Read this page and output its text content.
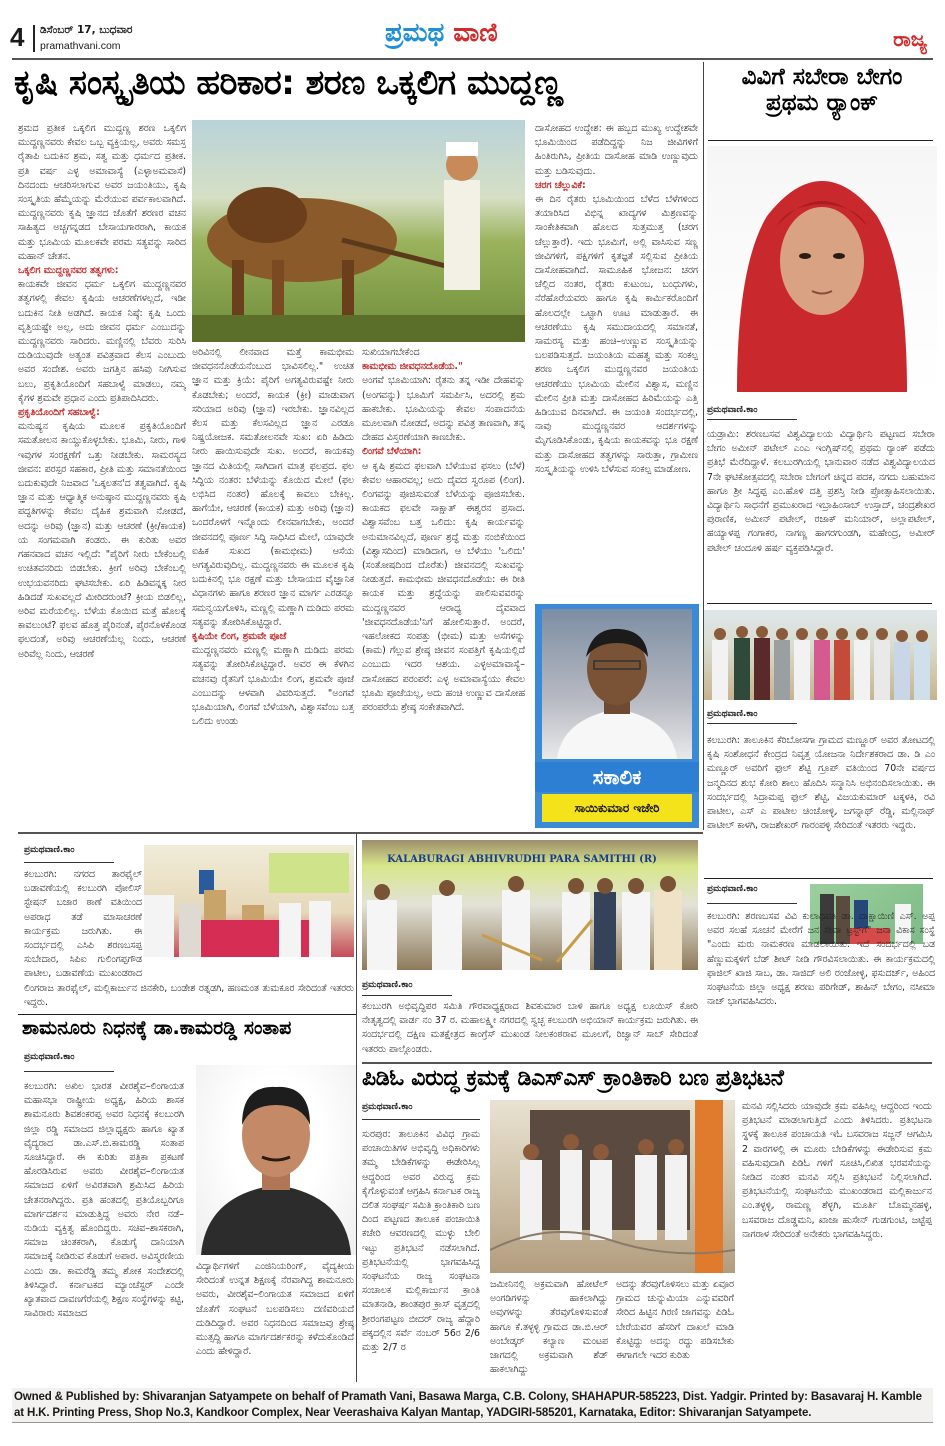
4 ಡಿಸೆಂಬರ್ 17, ಬುಧವಾರ
pramathvani.com	ಪ್ರಮಥ ವಾಣಿ	ರಾಜ್ಯ
ಕೃಷಿ ಸಂಸ್ಕೃತಿಯ ಹರಿಕಾರ: ಶರಣ ಒಕ್ಕಲಿಗ ಮುದ್ದಣ್ಣ

ಶ್ರಮದ ಪ್ರತೀಕ ಒಕ್ಕಲಿಗ ಮುದ್ದಣ್ಣ ಶರಣ ಒಕ್ಕಲಿಗ ಮುದ್ದಣ್ಣನವರು ಕೇವಲ ಒಬ್ಬ ವ್ಯಕ್ತಿಯಲ್ಲ, ಅವರು ಸಮಸ್ತ ರೈತಾಪಿ ಬದುಕಿನ ಶ್ರಮ, ಸತ್ವ ಮತ್ತು ಧರ್ಮದ ಪ್ರತೀಕ. ಪ್ರತಿ ವರ್ಷ ಎಳ್ಳ ಅಮಾವಾಸ್ಯೆ (ಎಳ್ಳಾಅಮವಾಸೆ) ದಿನದಂದು ಆಚರಿಸಲಾಗುವ ಅವರ ಜಯಂತಿಯು, ಕೃಷಿ ಸಂಸ್ಕೃತಿಯ ಹೆಮ್ಮೆಯನ್ನು ಮೆರೆಯುವ ಪರ್ವಕಾಲವಾಗಿದೆ. ಮುದ್ದಣ್ಣನವರು ಕೃಷಿ ಜ್ಞಾನದ ಜೊತೆಗೆ ಶರಣರ ವಚನ ಸಾಹಿತ್ಯದ ಅಚ್ಚಗನ್ನಡದ ಬೇಸಾಯಗಾರರಾಗಿ, ಕಾಯಕ ಮತ್ತು ಭೂಮಿಯ ಮೂಲಕವೇ ಪರಮ ಸತ್ಯವನ್ನು ಸಾರಿದ ಮಹಾನ್ ಚೇತನ.

ಒಕ್ಕಲಿಗ ಮುದ್ದಣ್ಣನವರ ತತ್ವಗಳು:

ಕಾಯಕವೇ ಜೀವನ ಧರ್ಮ ಒಕ್ಕಲಿಗ ಮುದ್ದಣ್ಣನವರ ತತ್ವಗಳಲ್ಲಿ ಕೇವಲ ಕೃಷಿಯ ಆಚರಣೆಗಳಲ್ಲದೆ, ಇಡೀ ಬದುಕಿನ ನೀತಿ ಅಡಗಿದೆ. ಕಾಯಕ ನಿಷ್ಠೆ: ಕೃಷಿ ಒಂದು ವೃತ್ತಿಯಷ್ಟೇ ಅಲ್ಲ, ಅದು ಜೀವನ ಧರ್ಮ ಎಂಬುದನ್ನು ಮುದ್ದಣ್ಣನವರು ಸಾರಿದರು. ಮಣ್ಣಿನಲ್ಲಿ ಬೆವರು ಸುರಿಸಿ ದುಡಿಯುವುದೇ ಅತ್ಯಂತ ಪವಿತ್ರವಾದ ಕೆಲಸ ಎಂಬುದು ಅವರ ಸಂದೇಶ. ಅವರು ಜಗತ್ತಿನ ಹಸಿವು ನೀಗಿಸುವ ಬಲು, ಪ್ರಕೃತಿಯೊಂದಿಗೆ ಸಹಬಾಳ್ವೆ ಮಾಡಲು, ನಮ್ಮ ಕೈಗಳ ಶ್ರಮವೇ ಪ್ರಧಾನ ಎಂದು ಪ್ರತಿಪಾದಿಸಿದರು.

ಪ್ರಕೃತಿಯೊಂದಿಗೆ ಸಹಬಾಳ್ವೆ:

ಮನುಷ್ಯನ ಕೃಷಿಯ ಮೂಲಕ ಪ್ರಕೃತಿಯೊಂದಿಗೆ ಸಮತೋಲನ ಕಾಯ್ದುಕೊಳ್ಳಬೇಕು. ಭೂಮಿ, ನೀರು, ಗಾಳಿ ಇವುಗಳ ಸಂರಕ್ಷಣೆಗೆ ಒತ್ತು ನೀಡಬೇಕು. ಸಾಮರಸ್ಯದ ಜೀವನ: ಪರಸ್ಪರ ಸಹಕಾರ, ಪ್ರೀತಿ ಮತ್ತು ಸಮಾನತೆಯಿಂದ ಬದುಕುವುದೇ ನಿಜವಾದ 'ಒಕ್ಕಲತನ'ದ ತತ್ವವಾಗಿದೆ. ಕೃಷಿ ಜ್ಞಾನ ಮತ್ತು ಆಧ್ಯಾತ್ಮಿಕ ಅನುಷ್ಠಾನ ಮುದ್ದಣ್ಣನವರು ಕೃಷಿ ಪದ್ಧತಿಗಳನ್ನು ಕೇವಲ ದೈಹಿಕ ಶ್ರಮವಾಗಿ ನೋಡದೆ, ಅದನ್ನು ಅರಿವು (ಜ್ಞಾನ) ಮತ್ತು ಆಚರಣೆ (ಕ್ರೀ/ಕಾಯಕ) ಯ ಸಂಗಮವಾಗಿ ಕಂಡರು. ಈ ಕುರಿತು ಅವರ ಗಹನವಾದ ವಚನ ಇಲ್ಲಿದೆ: "ಪೈರಿಗೆ ನೀರು ಬೇಕೆಂಬಲ್ಲಿ ಉಚಿತವನರಿದು ಬಿಡಬೇಕು. ಕ್ರೀಗೆ ಅರಿವು ಬೇಕೆಂಬಲ್ಲಿ ಉಭಯವನರಿದು ಘಟಿಸಬೇಕು. ಏರಿ ಹಿಡಿವನ್ನಕ್ಕ ನೀರ ಹಿಡಿದಡೆ ಸುಖವಲ್ಲದೆ ಮೀರಿದರುಂಟೆ? ಕ್ರೀಯ ಬಿಡಲಿಲ್ಲ, ಅರಿವ ಮರೆಯಲಿಲ್ಲ. ಬೆಳೆಯ ಕೊಯಿದ ಮತ್ತೆ ಹೊಲಕ್ಕೆ ಕಾವಲುಂಟೆ? ಫಲವ ಹೊತ್ತ ಪೈರಿನಂತೆ, ಪೈರನೊಳಕೊಂಡ ಫಲದಂತೆ, ಅರಿವು ಆಚರಣೆಯೆಲ್ಲ ನಿಂದು, ಆಚರಣೆ ಅರಿವೆಲ್ಲ ನಿಂದು, ಆಚರಣೆ

ಅರಿವಿನಲ್ಲಿ ಲೀನವಾದ ಮತ್ತೆ ಕಾಮಭೀಮ ಜೀವಧನನೊಡೆಯನೆಂಬುದ ಭಾವಿಸಲಿಲ್ಲ." ಉಚಿತ ಜ್ಞಾನ ಮತ್ತು ಕ್ರಿಯೆ: ಪೈರಿಗೆ ಅಗತ್ಯವಿರುವಷ್ಟೇ ನೀರು ಕೊಡಬೇಕು; ಅಂದರೆ, ಕಾಯಕ (ಕ್ರೀ) ಮಾಡುವಾಗ ಸರಿಯಾದ ಅರಿವು (ಜ್ಞಾನ) ಇರಬೇಕು. ಜ್ಞಾನವಿಲ್ಲದ ಕೆಲಸ ಮತ್ತು ಕೆಲಸವಿಲ್ಲದ ಜ್ಞಾನ ಎರಡೂ ನಿಷ್ಪ್ರಯೋಜಕ. ಸಮತೋಲನವೇ ಸುಖ: ಏರಿ ಹಿಡಿದು ನೀರು ಹಾಯಿಸುವುದೇ ಸುಖ. ಅಂದರೆ, ಕಾಯಕವು ಜ್ಞಾನದ ಮಿತಿಯಲ್ಲಿ ಸಾಗಿದಾಗ ಮಾತ್ರ ಫಲಪ್ರದ. ಫಲ ಸಿದ್ಧಿಯ ನಂತರ: ಬೆಳೆಯನ್ನು ಕೊಯಿದ ಮೇಲೆ (ಫಲ ಲಭಿಸಿದ ನಂತರ) ಹೊಲಕ್ಕೆ ಕಾವಲು ಬೇಕಿಲ್ಲ. ಹಾಗೆಯೇ, ಆಚರಣೆ (ಕಾಯಕ) ಮತ್ತು ಅರಿವು (ಜ್ಞಾನ) ಒಂದರೊಳಗೆ ಇನ್ನೊಂದು ಲೀನವಾಗಬೇಕು, ಅಂದರೆ ಜೀವನದಲ್ಲಿ ಪೂರ್ಣ ಸಿದ್ಧಿ ಸಾಧಿಸಿದ ಮೇಲೆ, ಯಾವುದೇ ಐಹಿಕ ಸುಖದ (ಕಾಮಭೀಮ) ಆಸೆಯ ಅಗತ್ಯವಿರುವುದಿಲ್ಲ. ಮುದ್ದಣ್ಣನವರು ಈ ಮೂಲಕ ಕೃಷಿ ಬದುಕಿನಲ್ಲಿ ಭೂ ರಕ್ಷಣೆ ಮತ್ತು ಬೇಸಾಯದ ವೈಜ್ಞಾನಿಕ ವಿಧಾನಗಳು ಹಾಗೂ ಶರಣರ ಜ್ಞಾನ ಮಾರ್ಗ ಎರಡನ್ನೂ ಸಮನ್ವಯಗೊಳಿಸಿ, ಮಣ್ಣಲ್ಲಿ ಮಣ್ಣಾಗಿ ದುಡಿದು ಪರಮ ಸತ್ಯವನ್ನು ತೋರಿಸಿಕೊಟ್ಟಿದ್ದಾರೆ.

ಕೃಷಿಯೇ ಲಿಂಗ, ಶ್ರಮವೇ ಪೂಜೆ

ಮುದ್ದಣ್ಣನವರು ಮಣ್ಣಲ್ಲಿ ಮಣ್ಣಾಗಿ ದುಡಿದು ಪರಮ ಸತ್ಯವನ್ನು ತೋರಿಸಿಕೊಟ್ಟಿದ್ದಾರೆ. ಅವರ ಈ ಕೆಳಗಿನ ವಚನವು ರೈತನಿಗೆ ಭೂಮಿಯೇ ಲಿಂಗ, ಶ್ರಮವೇ ಪೂಜೆ ಎಂಬುದನ್ನು ಆಳವಾಗಿ ವಿವರಿಸುತ್ತದೆ. "ಅಂಗವೆ ಭೂಮಿಯಾಗಿ, ಲಿಂಗವೆ ಬೆಳೆಯಾಗಿ, ವಿಶ್ವಾಸವೆಂಬ ಬತ್ತ ಒಲಿದು ಉಂಡು

ಸುಖಿಯಾಗಬೇಕೆಂದ

ಕಾಮಭೀಮ ಜೀವಧನದೊಡೆಯ."

ಅಂಗವೆ ಭೂಮಿಯಾಗಿ: ರೈತನು ತನ್ನ ಇಡೀ ದೇಹವನ್ನು (ಅಂಗವನ್ನು) ಭೂಮಿಗೆ ಸಮರ್ಪಿಸಿ, ಅದರಲ್ಲಿ ಶ್ರಮ ಹಾಕಬೇಕು. ಭೂಮಿಯನ್ನು ಕೇವಲ ಸಂಪಾದನೆಯ ಮೂಲವಾಗಿ ನೋಡದೆ, ಅದನ್ನು ಪವಿತ್ರ ತಾಣವಾಗಿ, ತನ್ನ ದೇಹದ ವಿಸ್ತರಣೆಯಾಗಿ ಕಾಣಬೇಕು.

ಲಿಂಗವೆ ಬೆಳೆಯಾಗಿ:

ಆ ಕೃಷಿ ಶ್ರಮದ ಫಲವಾಗಿ ಬೆಳೆಯುವ ಫಸಲು (ಬೆಳೆ) ಕೇವಲ ಆಹಾರವಲ್ಲ; ಅದು ದೈವದ ಸ್ವರೂಪ (ಲಿಂಗ). ಲಿಂಗವನ್ನು ಪೂಜಿಸುವಂತೆ ಬೆಳೆಯನ್ನು ಪೂಜಿಸಬೇಕು. ಕಾಯಕದ ಫಲವೇ ಸಾಕ್ಷಾತ್ ಈಶ್ವರನ ಪ್ರಸಾದ. ವಿಶ್ವಾಸವೆಂಬ ಬತ್ತ ಒಲಿದು: ಕೃಷಿ ಕಾರ್ಯವನ್ನು ಅನುಮಾನವಿಲ್ಲದೆ, ಪೂರ್ಣ ಶ್ರದ್ಧೆ ಮತ್ತು ನಂಬಿಕೆಯಿಂದ (ವಿಶ್ವಾಸದಿಂದ) ಮಾಡಿದಾಗ, ಆ ಬೆಳೆಯು 'ಒಲಿದು' (ಸಂತೋಷದಿಂದ ದೊರೆತು) ಜೀವನದಲ್ಲಿ ಸುಖವನ್ನು ನೀಡುತ್ತದೆ. ಕಾಮಭೀಮ ಜೀವಧನದೊಡೆಯ: ಈ ರೀತಿ ಕಾಯಕ ಮತ್ತು ಶ್ರದ್ಧೆಯನ್ನು ಪಾಲಿಸುವವರನ್ನು ಮುದ್ದಣ್ಣನವರ ಆರಾಧ್ಯ ದೈವವಾದ 'ಜೀವಧನದೊಡೆಯ'ನಿಗೆ ಹೋಲಿಸುತ್ತಾರೆ. ಅಂದರೆ, ಇಹಲೋಕದ ಸಂಪತ್ತು (ಭೀಮ) ಮತ್ತು ಅಸೆಗಳನ್ನು (ಕಾಮ) ಗೆಲ್ಲುವ ಶ್ರೇಷ್ಠ ಜೀವನ ಸಂಪತ್ತಿಗೆ ಕೃಷಿಯಲ್ಲಿದೆ ಎಂಬುದು ಇದರ ಆಶಯ. ಎಳ್ಳಅಮಾವಾಸ್ಯೆ–ದಾಸೋಹದ ಪರಂಪರೆ: ಎಳ್ಳ ಅಮಾವಾಸ್ಯೆಯು ಕೇವಲ ಭೂಮಿ ಪೂಜೆಯಲ್ಲ, ಅದು ಹಂಚಿ ಉಣ್ಣುವ ದಾಸೋಹ ಪರಂಪರೆಯ ಶ್ರೇಷ್ಠ ಸಂಕೇತವಾಗಿದೆ.

ದಾಸೋಹದ ಉದ್ದೇಶ: ಈ ಹಬ್ಬದ ಮುಖ್ಯ ಉದ್ದೇಶವೇ ಭೂಮಿಯಿಂದ ಪಡೆದಿದ್ದನ್ನು ನಿಜ ಜೀವಿಗಳಿಗೆ ಹಿಂತಿರುಗಿಸಿ, ಪ್ರೀತಿಯ ದಾಸೋಹ ಮಾಡಿ ಉಣ್ಣುವುದು ಮತ್ತು ಬಡಿಸುವುದು.

ಚರಗ ಚೆಲ್ಲುವಿಕೆ:

ಈ ದಿನ ರೈತರು ಭೂಮಿಯಿಂದ ಬೆಳೆದ ಬೆಳೆಗಳಿಂದ ತಯಾರಿಸಿದ ವಿಭಿನ್ನ ಖಾದ್ಯಗಳ ಮಿಶ್ರಣವನ್ನು ಸಾಂಕೇತಿಕವಾಗಿ ಹೊಲದ ಸುತ್ತಮುತ್ತ (ಚರಗ ಚೆಲ್ಲುತ್ತಾರೆ). ಇದು ಭೂಮಿಗೆ, ಅಲ್ಲಿ ವಾಸಿಸುವ ಸಣ್ಣ ಜೀವಿಗಳಿಗೆ, ಪಕ್ಷಿಗಳಿಗೆ ಕೃತಜ್ಞತೆ ಸಲ್ಲಿಸುವ ಪ್ರೀತಿಯ ದಾಸೋಹವಾಗಿದೆ. ಸಾಮೂಹಿಕ ಭೋಜನ: ಚರಗ ಚೆಲ್ಲಿದ ನಂತರ, ರೈತರು ಕುಟುಂಬ, ಬಂಧುಗಳು, ನೆರೆಹೊರೆಯವರು ಹಾಗೂ ಕೃಷಿ ಕಾರ್ಮಿಕರೊಂದಿಗೆ ಹೊಲದಲ್ಲೇ ಒಟ್ಟಾಗಿ ಊಟ ಮಾಡುತ್ತಾರೆ. ಈ ಆಚರಣೆಯು ಕೃಷಿ ಸಮುದಾಯದಲ್ಲಿ ಸಮಾನತೆ, ಸಾಮರಸ್ಯ ಮತ್ತು ಹಂಚಿ–ಉಣ್ಣುವ ಸಂಸ್ಕೃತಿಯನ್ನು ಬಲಪಡಿಸುತ್ತದೆ. ಜಯಂತಿಯ ಮಹತ್ವ ಮತ್ತು ಸಂಕಲ್ಪ ಶರಣ ಒಕ್ಕಲಿಗ ಮುದ್ದಣ್ಣನವರ ಜಯಂತಿಯ ಆಚರಣೆಯು ಭೂಮಿಯ ಮೇಲಿನ ವಿಶ್ವಾಸ, ಮಣ್ಣಿನ ಮೇಲಿನ ಪ್ರೀತಿ ಮತ್ತು ದಾಸೋಹದ ಹಿರಿಮೆಯನ್ನು ಎತ್ತಿ ಹಿಡಿಯುವ ದಿನವಾಗಿದೆ. ಈ ಜಯಂತಿ ಸಂದರ್ಭದಲ್ಲಿ, ನಾವು ಮುದ್ದಣ್ಣನವರ ಆದರ್ಶಗಳನ್ನು ಮೈಗೂಡಿಸಿಕೊಂಡು, ಕೃಷಿಯ ಕಾಯಕವನ್ನು ಭೂ ರಕ್ಷಣೆ ಮತ್ತು ದಾಸೋಹದ ತತ್ವಗಳನ್ನು ಸಾರುತ್ತಾ, ಗ್ರಾಮೀಣ ಸಂಸ್ಕೃತಿಯನ್ನು ಉಳಿಸಿ ಬೆಳೆಸುವ ಸಂಕಲ್ಪ ಮಾಡೋಣ.

ಸಕಾಲಿಕ
ಸಾಯಿಕುಮಾರ ಇಜೇರಿ
ವಿವಿಗೆ ಸಬೇರಾ ಬೇಗಂ
ಪ್ರಥಮ ರ್‍ಯಾಂಕ್
ಪ್ರಮಥವಾಣಿ.ಕಾಂ
ಯಡ್ರಾಮಿ: ಶರಣಬಸವ ವಿಶ್ವವಿದ್ಯಾಲಯ ವಿದ್ಯಾರ್ಥಿನಿ ಪಟ್ಟಣದ ಸಬೇರಾ ಬೇಗಂ ಅಮೀನ್ ಪಟೇಲ್ ಎಂಎ ಇಂಗ್ಲಿಷ್‌ನಲ್ಲಿ ಪ್ರಥಮ ರ್‍ಯಾಂಕ್ ಪಡೆದು ಪ್ರತಿಭೆ ಮೆರೆದಿದ್ದಾಳೆ. ಕಲಬುರಗಿಯಲ್ಲಿ ಭಾನುವಾರ ನಡೆದ ವಿಶ್ವವಿದ್ಯಾಲಯದ 7ನೇ ಘಟಿಕೋತ್ಸವದಲ್ಲಿ ಸಬೇರಾ ಬೇಗಂಗೆ ಚಿನ್ನದ ಪದಕ, ನಗದು ಬಹುಮಾನ ಹಾಗೂ ಶ್ರೀ ಸಿದ್ಧಪ್ಪ ಎಂ.ಹೊಳಿ ದತ್ತಿ ಪ್ರಶಸ್ತಿ ನೀಡಿ ಪ್ರೋತ್ಸಾಹಿಸಲಾಯಿತು. ವಿದ್ಯಾರ್ಥಿನಿ ಸಾಧನೆಗೆ ಪ್ರಮುಖರಾದ ಇಬ್ರಾಹಿಂಸಾಬ್ ಉಸ್ತಾದ್, ಚಂದ್ರಶೇಖರ ಪುರಾಣಿಕ, ಅಮೀನ್ ಪಟೇಲ್, ರಜಾಕ್ ಮನಿಯಾರ್, ಅಲ್ಲಾಪಟೇಲ್, ಹಯ್ಯಾಳಪ್ಪ ಗಂಗಾಕರ, ನಾಗಣ್ಣ ಹಾಗರಗುಂಡಗಿ, ಮಹೇಂದ್ರ, ಅಮೀರ್ ಪಟೇಲ್ ಚಂದೂಳಿ ಹರ್ಷ ವ್ಯಕ್ತಪಡಿಸಿದ್ದಾರೆ.
ಪ್ರಮಥವಾಣಿ.ಕಾಂ
ಕಲಬುರಗಿ: ತಾಲೂಕಿನ ಕೆರಿಬೋಸಗಾ ಗ್ರಾಮದ ಮಣ್ಣೂರ್ ಅವರ ತೋಟದಲ್ಲಿ ಕೃಷಿ ಸಂಶೋಧನೆ ಕೇಂದ್ರದ ನಿವೃತ್ತ ಯೋಜನಾ ನಿರ್ದೇಶಕರಾದ ಡಾ. ಡಿ ಎಂ ಮಣ್ಣೂರ್ ಅವರಿಗೆ ಫುಲ್ ಶೆಟ್ಟಿ ಗ್ರೂಪ್ ವತಿಯಿಂದ 70ನೇ ವರ್ಷದ ಜನ್ಮದಿನದ ಶುಭ ಕೋರಿ ಶಾಲು ಹೊದಿಸಿ ಸನ್ಮಾನಿಸಿ ಅಭಿನಂದಿಸಲಾಯಿತು. ಈ ಸಂದರ್ಭದಲ್ಲಿ ಸಿದ್ರಾಮಪ್ಪ ಫುಲ್ ಶೆಟ್ಟಿ, ವಿಜಯಕುಮಾರ್ ಟಕ್ಕಳಕಿ, ರವಿ ಪಾಟೀಲ, ಎಸ್ ಎ ಪಾಟೀಲ ಚಿಂಚೋಳ್ಳಿ, ಜಗನ್ನಾಥ್ ರೆಡ್ಡಿ, ಮಲ್ಲಿನಾಥ್ ಪಾಟೀಲ್ ಕಾಳಗಿ, ರಾಜಶೇಖರ್ ಗಾರಂಪಳ್ಳಿ ಸೇರಿದಂತೆ ಇತರರು ಇದ್ದರು.
ಪ್ರಮಥವಾಣಿ.ಕಾಂ
ಕಲಬುರಗಿ: ಶರಣಬಸವ ವಿವಿ ಕುಲಾಧಿಪತಿ ಡಾ. ದಾಕ್ಷಾಯಿಣಿ ಎಸ್. ಅಪ್ಪ ಅವರ ಸಲಹೆ ಸೂಚನೆ ಮೇರೆಗೆ ಜನ ಸೇವಾ ಟ್ರಸ್ಟ್‌ಗೆ" ಜನಾ ವಿಕಾಸ ಸಂಸ್ಥೆ "ಎಂದು ಮರು ನಾಮಕರಣ ಮಾಡಲಾಯಿತು. ಇದೆ ಸಂದರ್ಭದಲ್ಲಿ ಬಡ ಹೆಣ್ಣುಮಕ್ಕಳಿಗೆ ಬೆಡ್ ಶೀಟ್ ನೀಡಿ ಗೌರವಿಸಲಾಯಿತು. ಈ ಕಾರ್ಯಕ್ರಮದಲ್ಲಿ ಫಾಜಿಲ್ ಖಾಜಿ ಸಾಬ, ಡಾ. ಸಾಜಿದ್ ಅಲಿ ರಂಜೋಳ್ಳಿ, ಫಸುದರ್ಜ್, ಅಹಿಂದ ಸಂಘಟನೆಯ ಜಿಲ್ಲಾ ಅಧ್ಯಕ್ಷ ಶರಣು ಪರಿಗೇಡ್, ಶಾಹಿನ್ ಬೇಗಂ, ನಸೀಮಾ ನಾಜ್ ಭಾಗವಹಿಸಿದರು.
ಪ್ರಮಥವಾಣಿ.ಕಾಂ
ಕಲಬುರಗಿ: ನಗರದ ತಾರಫೈಲ್ ಬಡಾವಣೆಯಲ್ಲಿ ಕಲಬುರಗಿ ಪೋಲಿಸ್ ಸ್ಟೇಷನ್ ಬಜಾರ ಠಾಣೆ ವತಿಯಿಂದ ಅಪರಾಧ ತಡೆ ಮಾಸಾಚರಣೆ ಕಾರ್ಯಕ್ರಮ ಜರುಗಿತು. ಈ ಸಂದರ್ಭದಲ್ಲಿ ಎಸಿಪಿ ಶರಣಬಸಪ್ಪ ಸುಬೇದಾರ, ಸಿಪಿಐ ಗುಲಿಂಗಪ್ಪಗೌಡ ಪಾಟೀಲ, ಬಡಾವಣೆಯ ಮುಖಂಡರಾದ ಲಿಂಗರಾಜ ತಾರಫೈಲ್, ಮಲ್ಲಿಕಾರ್ಜುನ ಜಿನಕೇರಿ, ಬಂಡೇಶ ರತ್ನಡಗಿ, ಹಣಮಂತ ತುಮಕೂರ ಸೇರಿದಂತೆ ಇತರರು ಇದ್ದರು.
KALABURAGI ABHIVRUDHI PARA SAMITHI (R)
ಪ್ರಮಥವಾಣಿ.ಕಾಂ
ಕಲಬುರಗಿ ಅಭಿವೃದ್ಧಿಪರ ಸಮಿತಿ ಗೌರವಾಧ್ಯಕ್ಷರಾದ ಶಿವಕುಮಾರ ಬಾಳಿ ಹಾಗೂ ಅಧ್ಯಕ್ಷ ಲೂಯಿಸ್ ಕೋರಿ ನೇತೃತ್ವದಲ್ಲಿ ವಾರ್ಡ ನಂ 37 ರ. ಮಹಾಲಕ್ಷ್ಮೀ ನಗರದಲ್ಲಿ ಸ್ವಚ್ಛ ಕಲಬುರಗಿ ಅಭಿಯಾನ್ ಕಾರ್ಯಕ್ರಮ ಜರುಗಿತು. ಈ ಸಂದರ್ಭದಲ್ಲಿ ದಕ್ಷಿಣ ಮತಕ್ಷೇತ್ರದ ಕಾಂಗ್ರೆಸ್ ಮುಖಂಡ ನೀಲಕಂಠರಾವ ಮೂಲಗೆ, ರಿಜ್ವಾನ್ ಸಾಬ್ ಸೇರಿದಂತೆ ಇತರರು ಪಾಲ್ಗೊಂಡರು.
ಶಾಮನೂರು ನಿಧನಕ್ಕೆ ಡಾ.ಕಾಮರಡ್ಡಿ ಸಂತಾಪ
ಪ್ರಮಥವಾಣಿ.ಕಾಂ
ಕಲಬುರಗಿ: ಅಖಿಲ ಭಾರತ ವೀರಶೈವ–ಲಿಂಗಾಯತ ಮಹಾಸಭಾ ರಾಷ್ಟ್ರೀಯ ಅಧ್ಯಕ್ಷ, ಹಿರಿಯ ಶಾಸಕ ಶಾಮನೂರು ಶಿವಶಂಕರಪ್ಪ ಅವರ ನಿಧನಕ್ಕೆ ಕಲಬುರಗಿ ಜಿಲ್ಲಾ ರಡ್ಡಿ ಸಮಾಜದ ಜಿಲ್ಲಾಧ್ಯಕ್ಷರು ಹಾಗೂ ಖ್ಯಾತ ವೈದ್ಯರಾದ ಡಾ.ಎಸ್.ಬಿ.ಕಾಮರಡ್ಡಿ ಸಂತಾಪ ಸೂಚಿಸಿದ್ದಾರೆ. ಈ ಕುರಿತು ಪತ್ರಿಕಾ ಪ್ರಕಟಣೆ ಹೊರಡಿಸಿರುವ ಅವರು ವೀರಶೈವ–ಲಿಂಗಾಯತ ಸಮಾಜದ ಏಳಿಗೆ ಅವಿರತವಾಗಿ ಶ್ರಮಿಸಿದ ಹಿರಿಯ ಚೇತನರಾಗಿದ್ದರು. ಪ್ರತಿ ಹಂತದಲ್ಲಿ ಪ್ರತಿಯೊಬ್ಬರಿಗೂ ಮಾರ್ಗದರ್ಶನ ಮಾಡುತ್ತಿದ್ದ ಅವರು ನೇರ ನಡೆ–ನುಡಿಯ ವ್ಯಕ್ತಿತ್ವ ಹೊಂದಿದ್ದರು. ಸಚಿವ–ಶಾಸಕರಾಗಿ, ಸಮಾಜ ಚಿಂತಕರಾಗಿ, ಕೊಡುಗೈ ದಾನಿಯಾಗಿ ಸಮಾಜಕ್ಕೆ ನೀಡಿರುವ ಕೊಡುಗೆ ಅಪಾರ. ಅವಿಸ್ಮರಣೀಯ ಎಂದು ಡಾ. ಕಾಮರೆಡ್ಡಿ ತಮ್ಮ ಶೋಕ ಸಂದೇಶದಲ್ಲಿ ತಿಳಿಸಿದ್ದಾರೆ. ಕರ್ನಾಟಕದ ಮ್ಯಾಂಚೆಸ್ಟರ್ ಎಂದೇ ಖ್ಯಾತವಾದ ದಾವಣಗೆರೆಯಲ್ಲಿ ಶಿಕ್ಷಣ ಸಂಸ್ಥೆಗಳನ್ನು ಕಟ್ಟಿ, ಸಾವಿರಾರು ಸಮಾಜದ
ವಿದ್ಯಾರ್ಥಿಗಳಿಗೆ ಎಂಜಿನಿಯರಿಂಗ್, ವೈದ್ಯಕೀಯ ಸೇರಿದಂತೆ ಉನ್ನತ ಶಿಕ್ಷಣಕ್ಕೆ ನೆರವಾಗಿದ್ದ ಶಾಮನೂರು ಅವರು, ವೀರಶೈವ–ಲಿಂಗಾಯತ ಸಮಾಜದ ಏಳಿಗೆ ಜೊತೆಗೆ ಸಂಘಟನೆ ಬಲಪಡಿಸಲು ದಣಿವರಿಯದೆ ದುಡಿದಿದ್ದಾರೆ. ಅವರ ನಿಧನದಿಂದ ಸಮಾಜವು ಶ್ರೇಷ್ಠ ಮುತ್ಸದ್ದಿ ಹಾಗೂ ಮಾರ್ಗದರ್ಶಕರನ್ನು ಕಳೆದುಕೊಂಡಿದೆ ಎಂದು ಹೇಳಿದ್ದಾರೆ.
ಪಿಡಿಓ ವಿರುದ್ಧ ಕ್ರಮಕ್ಕೆ ಡಿಎಸ್ಎಸ್ ಕ್ರಾಂತಿಕಾರಿ ಬಣ ಪ್ರತಿಭಟನೆ
ಪ್ರಮಥವಾಣಿ.ಕಾಂ
ಸುರಪುರ: ತಾಲೂಕಿನ ವಿವಿಧ ಗ್ರಾಮ ಪಂಚಾಯಿತಿಗಳ ಅಭಿವೃದ್ಧಿ ಅಧಿಕಾರಿಗಳು ತಮ್ಮ ಬೇಡಿಕೆಗಳನ್ನು ಈಡೇರಿಸಿಲ್ಲ ಆದ್ದರಿಂದ ಅವರ ವಿರುದ್ಧ ಕ್ರಮ ಕೈಗೊಳ್ಳುವಂತೆ ಆಗ್ರಹಿಸಿ ಕರ್ನಾಟಕ ರಾಜ್ಯ ದಲಿತ ಸಂಘರ್ಷ ಸಮಿತಿ ಕ್ರಾಂತಿಕಾರಿ ಬಣ ದಿಂದ ಪಟ್ಟಣದ ತಾಲೂಕ ಪಂಚಾಯಿತಿ ಕಚೇರಿ ಆವರಣದಲ್ಲಿ ಮುಳ್ಳು ಬೇಲಿ ಇಟ್ಟು ಪ್ರತಿಭಟನೆ ನಡೆಸಲಾಗಿದೆ. ಪ್ರತಿಭಟನೆಯಲ್ಲಿ ಭಾಗವಹಿಸಿದ್ದ ಸಂಘಟನೆಯ ರಾಜ್ಯ ಸಂಘಟನಾ ಸಂಚಾಲಕ ಮಲ್ಲಿಕಾರ್ಜುನ ಕ್ರಾಂತಿ ಮಾತನಾಡಿ, ಶಾಂತಪುರ ಕ್ರಾಸ್ ವೃತ್ತದಲ್ಲಿ ಶ್ರೀರಂಗಪಟ್ಟಣ ಬೀದರ್ ರಾಜ್ಯ ಹೆದ್ದಾರಿ ಪಕ್ಕದಲ್ಲಿನ ಸರ್ವೆ ನಂಬರ್ 56ರ 2/6 ಮತ್ತು 2/7 ರ
ಜಮೀನಿನಲ್ಲಿ ಅಕ್ರಮವಾಗಿ ಹೋಟೆಲ್ ಅಂಗಡಿಗಳನ್ನು ಹಾಕಲಾಗಿದ್ದು ಅವುಗಳನ್ನು ತೆರವುಗೊಳಿಸುವಂತೆ ಹಾಗೂ ಕೆ.ತಳ್ಳಳ್ಳಿ ಗ್ರಾಮದ ಡಾ.ಬಿ.ಆರ್ ಅಂಬೇಡ್ಕರ್ ಕಲ್ಯಾಣ ಮಂಟಪ ಜಾಗದಲ್ಲಿ ಅಕ್ರಮವಾಗಿ ಶೆಡ್ ಹಾಕಲಾಗಿದ್ದು
ಅದನ್ನು ತೆರವುಗೊಳಿಸಲು ಮತ್ತು ಏವೂರ ಗ್ರಾಮದ ಚುನ್ನುಮಿಯಾ ಎನ್ನುವವರಿಗೆ ಸೇರಿದ ಹಿಟ್ಟಿನ ಗಿರಣಿ ಜಾಗವನ್ನು ಪಿಡಿಓ ಬೇರೆಯವರ ಹೆಸರಿಗೆ ದಾಖಲೆ ಮಾಡಿ ಕೊಟ್ಟಿದ್ದು ಅದನ್ನು ರದ್ದು ಪಡಿಸಬೇಕು ಈಗಾಗಲೇ ಇದರ ಕುರಿತು
ಮನವಿ ಸಲ್ಲಿಸಿದರು ಯಾವುದೇ ಕ್ರಮ ವಹಿಸಿಲ್ಲ ಆದ್ದರಿಂದ ಇಂದು ಪ್ರತಿಭಟನೆ ಮಾಡಲಾಗುತ್ತಿದೆ ಎಂದು ತಿಳಿಸಿದರು. ಪ್ರತಿಭಟನಾ ಸ್ಥಳಕ್ಕೆ ತಾಲೂಕ ಪಂಚಾಯತಿ ಇಓ ಬಸವರಾಜ ಸಜ್ಜನ್ ಆಗಮಿಸಿ 2 ವಾರಗಳಲ್ಲಿ ಈ ಮೂರು ಬೇಡಿಕೆಗಳನ್ನು ಈಡೇರಿಸುವ ಕ್ರಮ ವಹಿಸುವುದಾಗಿ ಪಿಡಿಓ ಗಳಿಗೆ ಸೂಚಿಸಿ,ಲಿಖಿತ ಭರವಸೆಯನ್ನು ನೀಡಿದ ನಂತರ ಮನವಿ ಸಲ್ಲಿಸಿ ಪ್ರತಿಭಟನೆ ನಿಲ್ಲಿಸಲಾಗಿದೆ. ಪ್ರತಿಭಟನೆಯಲ್ಲಿ ಸಂಘಟನೆಯ ಮುಖಂಡರಾದ ಮಲ್ಲಿಕಾರ್ಜುನ ಎಂ.ತಳ್ಳಳ್ಳಿ, ರಾಮಣ್ಣ ಶೆಳ್ಳಗಿ, ಮೂರ್ತಿ ಬೊಮ್ಮನಹಳ್ಳಿ, ಬಸವರಾಜ ದೊಡ್ಡಮನಿ, ಖಾಜಾ ಹುಸೇನ್ ಗುಡಗುಂಟಿ, ಜಟ್ಟೆಪ್ಪ ನಾಗರಾಳ ಸೇರಿದಂತೆ ಅನೇಕರು ಭಾಗವಹಿಸಿದ್ದರು.
Owned & Published by: Shivaranjan Satyampete on behalf of Pramath Vani, Basawa Marga, C.B. Colony, SHAHAPUR-585223, Dist. Yadgir. Printed by: Basavaraj H. Kamble at H.K. Printing Press, Shop No.3, Kandkoor Complex, Near Veerashaiva Kalyan Mantap, YADGIRI-585201, Karnataka, Editor: Shivaranjan Satyampete.
